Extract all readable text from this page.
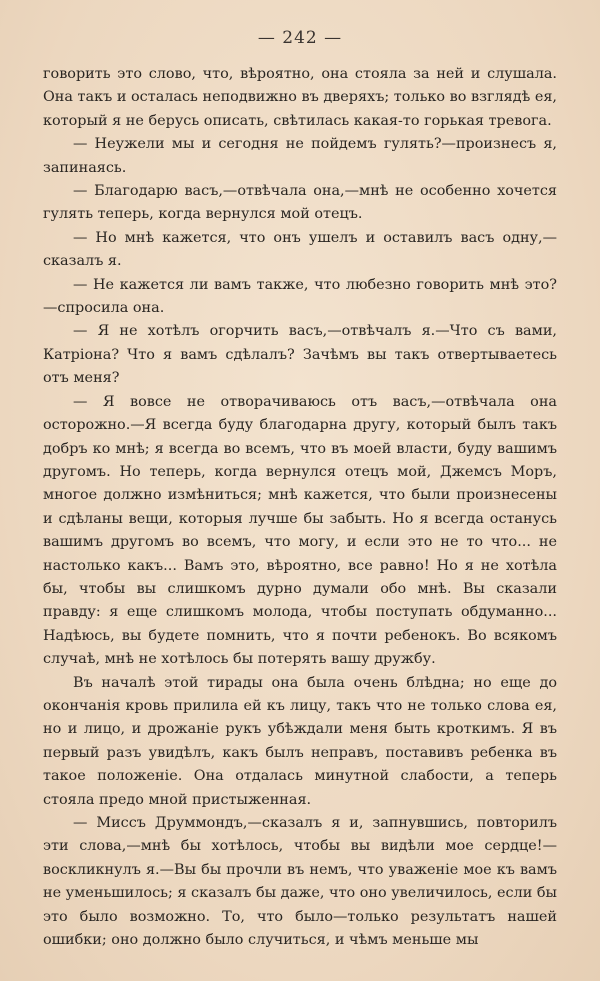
— 242 —

говорить это слово, что, вѣроятно, она стояла за ней и слушала. Она такъ и осталась неподвижно въ дверяхъ; только во взглядѣ ея, который я не берусь описать, свѣтилась какая-то горькая тревога.

— Неужели мы и сегодня не пойдемъ гулять?—произнесъ я, запинаясь.

— Благодарю васъ,—отвѣчала она,—мнѣ не особенно хочется гулять теперь, когда вернулся мой отецъ.

— Но мнѣ кажется, что онъ ушелъ и оставилъ васъ одну,—сказалъ я.

— Не кажется ли вамъ также, что любезно говорить мнѣ это?—спросила она.

— Я не хотѣлъ огорчить васъ,—отвѣчалъ я.—Что съ вами, Катріона? Что я вамъ сдѣлалъ? Зачѣмъ вы такъ отвертываетесь отъ меня?

— Я вовсе не отворачиваюсь отъ васъ,—отвѣчала она осторожно.—Я всегда буду благодарна другу, который былъ такъ добръ ко мнѣ; я всегда во всемъ, что въ моей власти, буду вашимъ другомъ. Но теперь, когда вернулся отецъ мой, Джемсъ Моръ, многое должно измѣниться; мнѣ кажется, что были произнесены и сдѣланы вещи, которыя лучше бы забыть. Но я всегда останусь вашимъ другомъ во всемъ, что могу, и если это не то что... не настолько какъ... Вамъ это, вѣроятно, все равно! Но я не хотѣла бы, чтобы вы слишкомъ дурно думали обо мнѣ. Вы сказали правду: я еще слишкомъ молода, чтобы поступать обдуманно... Надѣюсь, вы будете помнить, что я почти ребенокъ. Во всякомъ случаѣ, мнѣ не хотѣлось бы потерять вашу дружбу.

Въ началѣ этой тирады она была очень блѣдна; но еще до окончанія кровь прилила ей къ лицу, такъ что не только слова ея, но и лицо, и дрожаніе рукъ убѣждали меня быть кроткимъ. Я въ первый разъ увидѣлъ, какъ былъ неправъ, поставивъ ребенка въ такое положеніе. Она отдалась минутной слабости, а теперь стояла предо мной пристыженная.

— Миссъ Друммондъ,—сказалъ я и, запнувшись, повторилъ эти слова,—мнѣ бы хотѣлось, чтобы вы видѣли мое сердце!—воскликнулъ я.—Вы бы прочли въ немъ, что уваженіе мое къ вамъ не уменьшилось; я сказалъ бы даже, что оно увеличилось, если бы это было возможно. То, что было—только результатъ нашей ошибки; оно должно было случиться, и чѣмъ меньше мы
